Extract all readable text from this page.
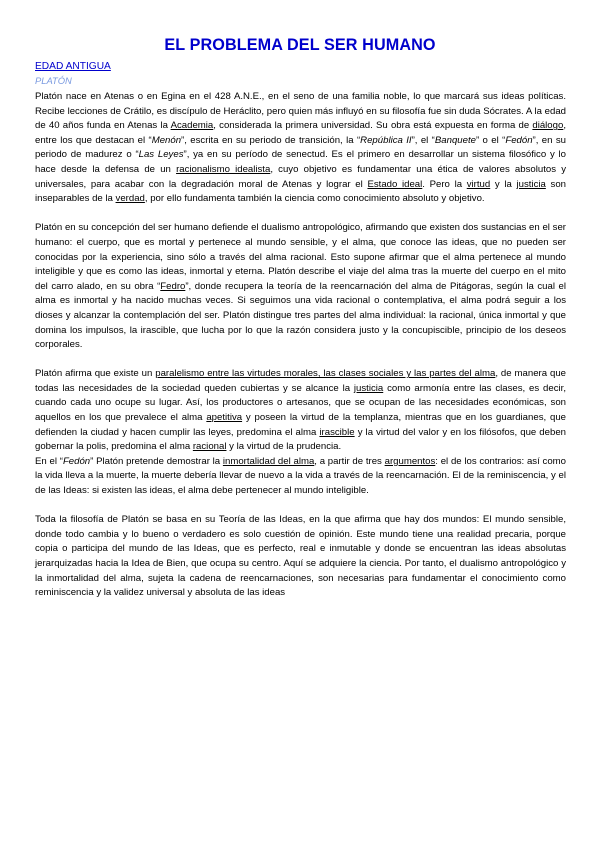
EL PROBLEMA DEL SER HUMANO
EDAD ANTIGUA
PLATÓN

Platón nace en Atenas o en Egina en el 428 A.N.E., en el seno de una familia noble, lo que marcará sus ideas políticas. Recibe lecciones de Crátilo, es discípulo de Heráclito, pero quien más influyó en su filosofía fue sin duda Sócrates. A la edad de 40 años funda en Atenas la Academia, considerada la primera universidad. Su obra está expuesta en forma de diálogo, entre los que destacan el “Menón”, escrita en su periodo de transición, la “República II”, el “Banquete” o el “Fedón”, en su periodo de madurez o “Las Leyes”, ya en su período de senectud. Es el primero en desarrollar un sistema filosófico y lo hace desde la defensa de un racionalismo idealista, cuyo objetivo es fundamentar una ética de valores absolutos y universales, para acabar con la degradación moral de Atenas y lograr el Estado ideal. Pero la virtud y la justicia son inseparables de la verdad, por ello fundamenta también la ciencia como conocimiento absoluto y objetivo.

Platón en su concepción del ser humano defiende el dualismo antropológico, afirmando que existen dos sustancias en el ser humano: el cuerpo, que es mortal y pertenece al mundo sensible, y el alma, que conoce las ideas, que no pueden ser conocidas por la experiencia, sino sólo a través del alma racional. Esto supone afirmar que el alma pertenece al mundo inteligible y que es como las ideas, inmortal y eterna. Platón describe el viaje del alma tras la muerte del cuerpo en el mito del carro alado, en su obra “Fedro”, donde recupera la teoría de la reencarnación del alma de Pitágoras, según la cual el alma es inmortal y ha nacido muchas veces. Si seguimos una vida racional o contemplativa, el alma podrá seguir a los dioses y alcanzar la contemplación del ser. Platón distingue tres partes del alma individual: la racional, única inmortal y que domina los impulsos, la irascible, que lucha por lo que la razón considera justo y la concupiscible, principio de los deseos corporales.

Platón afirma que existe un paralelismo entre las virtudes morales, las clases sociales y las partes del alma, de manera que todas las necesidades de la sociedad queden cubiertas y se alcance la justicia como armonía entre las clases, es decir, cuando cada uno ocupe su lugar. Así, los productores o artesanos, que se ocupan de las necesidades económicas, son aquellos en los que prevalece el alma apetitiva y poseen la virtud de la templanza, mientras que en los guardianes, que defienden la ciudad y hacen cumplir las leyes, predomina el alma irascible y la virtud del valor y en los filósofos, que deben gobernar la polis, predomina el alma racional y la virtud de la prudencia.
En el “Fedón” Platón pretende demostrar la inmortalidad del alma, a partir de tres argumentos: el de los contrarios: así como la vida lleva a la muerte, la muerte debería llevar de nuevo a la vida a través de la reencarnación. El de la reminiscencia, y el de las Ideas: si existen las ideas, el alma debe pertenecer al mundo inteligible.

Toda la filosofía de Platón se basa en su Teoría de las Ideas, en la que afirma que hay dos mundos: El mundo sensible, donde todo cambia y lo bueno o verdadero es solo cuestión de opinión. Este mundo tiene una realidad precaria, porque copia o participa del mundo de las Ideas, que es perfecto, real e inmutable y donde se encuentran las ideas absolutas jerarquizadas hacia la Idea de Bien, que ocupa su centro. Aquí se adquiere la ciencia. Por tanto, el dualismo antropológico y la inmortalidad del alma, sujeta la cadena de reencarnaciones, son necesarias para fundamentar el conocimiento como reminiscencia y la validez universal y absoluta de las ideas
